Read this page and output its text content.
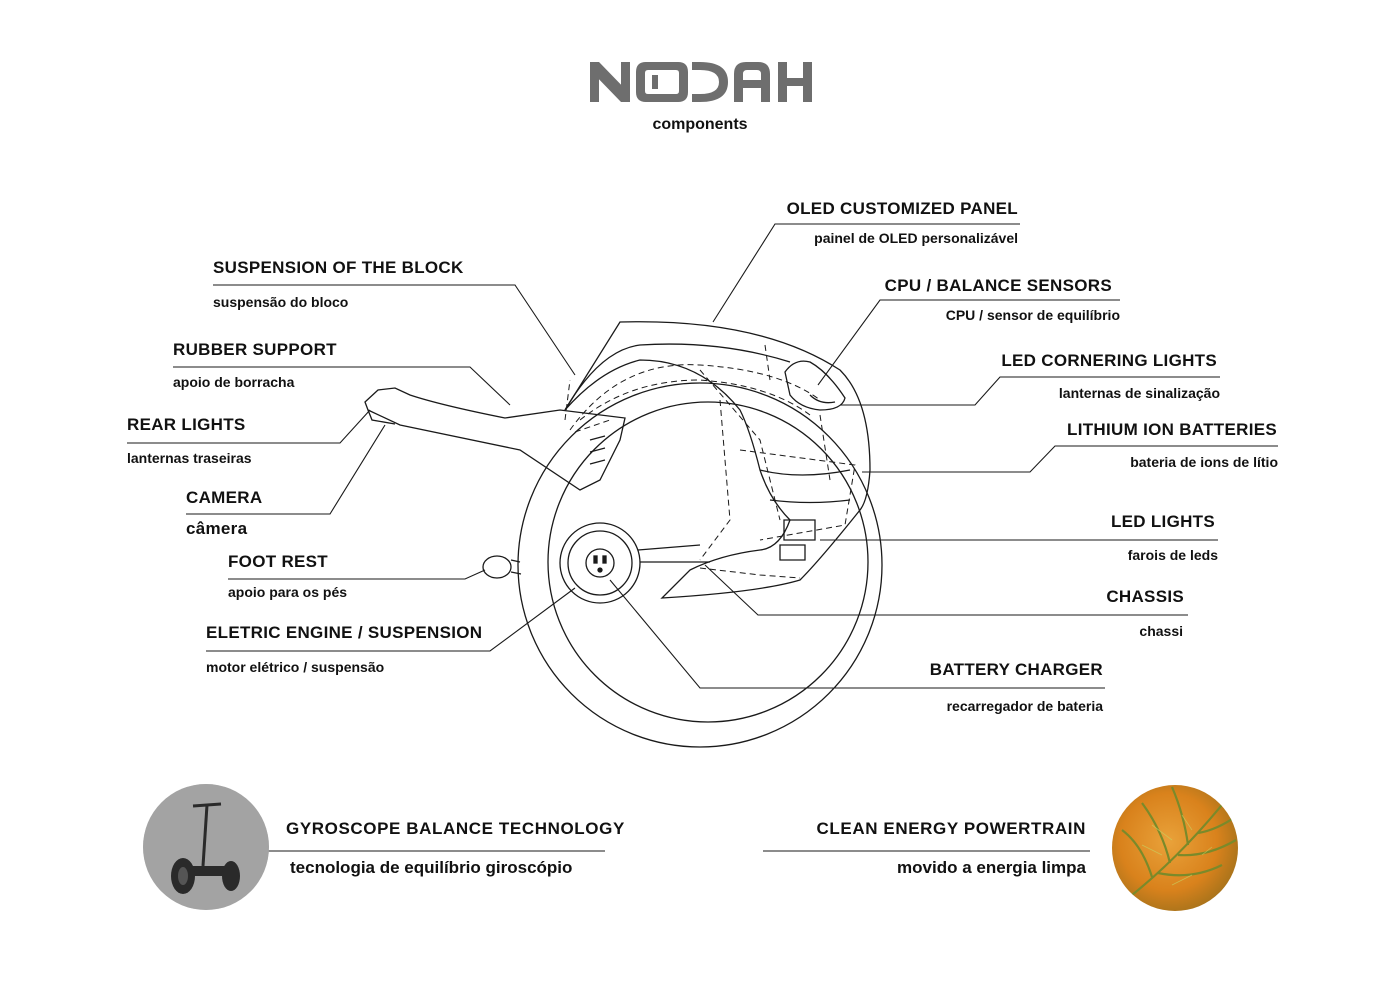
components
SUSPENSION OF THE BLOCK
suspensão do bloco
RUBBER SUPPORT
apoio de borracha
REAR LIGHTS
lanternas traseiras
CAMERA
câmera
FOOT REST
apoio para os pés
ELETRIC ENGINE / SUSPENSION
motor elétrico / suspensão
OLED CUSTOMIZED PANEL
painel de OLED personalizável
CPU / BALANCE SENSORS
CPU / sensor de equilíbrio
LED CORNERING LIGHTS
lanternas de sinalização
LITHIUM ION BATTERIES
bateria de ions de lítio
LED LIGHTS
farois de leds
CHASSIS
chassi
BATTERY CHARGER
recarregador de bateria
GYROSCOPE BALANCE TECHNOLOGY
tecnologia de equilíbrio giroscópio
CLEAN ENERGY POWERTRAIN
movido a energia limpa
